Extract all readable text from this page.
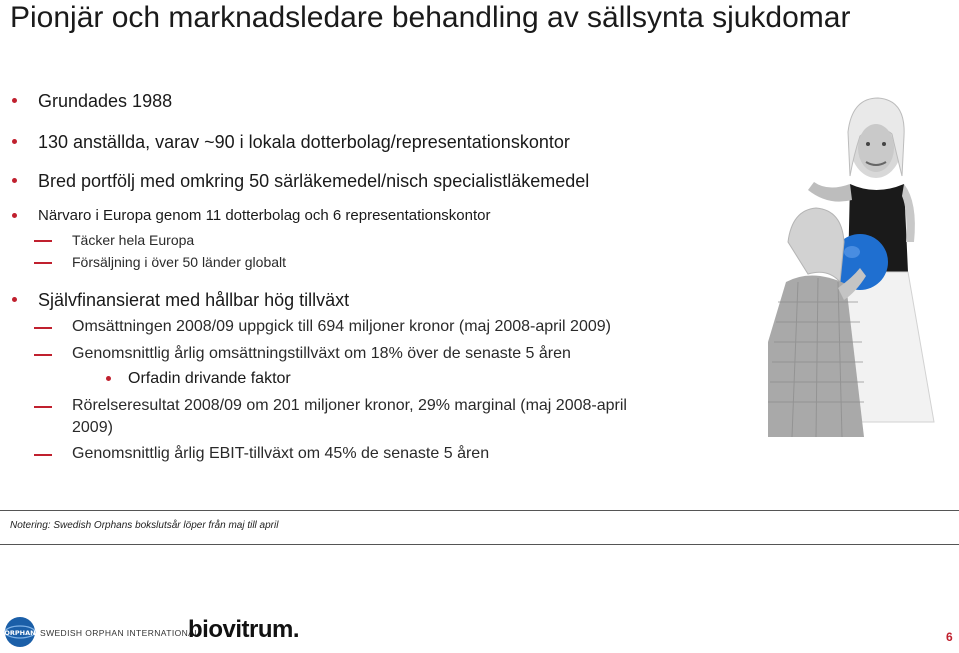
Pionjär och marknadsledare behandling av sällsynta sjukdomar
Grundades 1988
130 anställda, varav ~90 i lokala dotterbolag/representationskontor
Bred portfölj med omkring 50 särläkemedel/nisch specialistläkemedel
Närvaro i Europa genom 11 dotterbolag och 6 representationskontor
Täcker hela Europa
Försäljning i över 50 länder globalt
Självfinansierat med hållbar hög tillväxt
Omsättningen 2008/09 uppgick till 694 miljoner kronor (maj 2008-april 2009)
Genomsnittlig årlig omsättningstillväxt om 18% över de senaste 5 åren
Orfadin drivande faktor
Rörelseresultat 2008/09 om 201 miljoner kronor, 29% marginal (maj 2008-april
2009)
Genomsnittlig årlig EBIT-tillväxt om 45% de senaste 5 åren
Notering: Swedish Orphans bokslutsår löper från maj till april
ORPHAN SWEDISH ORPHAN INTERNATIONAL
biovitrum.	6
